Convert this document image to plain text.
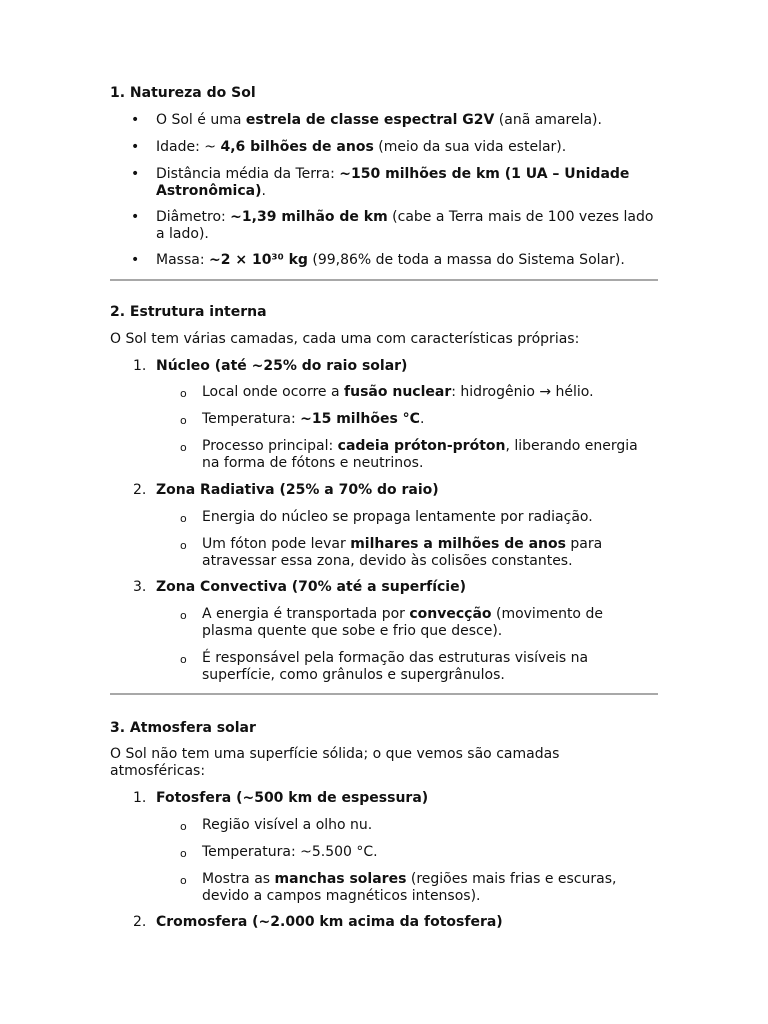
1. Natureza do Sol
• O Sol é uma estrela de classe espectral G2V (anã amarela).
• Idade: ~ 4,6 bilhões de anos (meio da sua vida estelar).
• Distância média da Terra: ~150 milhões de km (1 UA – Unidade Astronômica).
• Diâmetro: ~1,39 milhão de km (cabe a Terra mais de 100 vezes lado a lado).
• Massa: ~2 × 10³⁰ kg (99,86% de toda a massa do Sistema Solar).
2. Estrutura interna
O Sol tem várias camadas, cada uma com características próprias:
1. Núcleo (até ~25% do raio solar)
o Local onde ocorre a fusão nuclear: hidrogênio → hélio.
o Temperatura: ~15 milhões °C.
o Processo principal: cadeia próton-próton, liberando energia na forma de fótons e neutrinos.
2. Zona Radiativa (25% a 70% do raio)
o Energia do núcleo se propaga lentamente por radiação.
o Um fóton pode levar milhares a milhões de anos para atravessar essa zona, devido às colisões constantes.
3. Zona Convectiva (70% até a superfície)
o A energia é transportada por convecção (movimento de plasma quente que sobe e frio que desce).
o É responsável pela formação das estruturas visíveis na superfície, como grânulos e supergrânulos.
3. Atmosfera solar
O Sol não tem uma superfície sólida; o que vemos são camadas atmosféricas:
1. Fotosfera (~500 km de espessura)
o Região visível a olho nu.
o Temperatura: ~5.500 °C.
o Mostra as manchas solares (regiões mais frias e escuras, devido a campos magnéticos intensos).
2. Cromosfera (~2.000 km acima da fotosfera)
